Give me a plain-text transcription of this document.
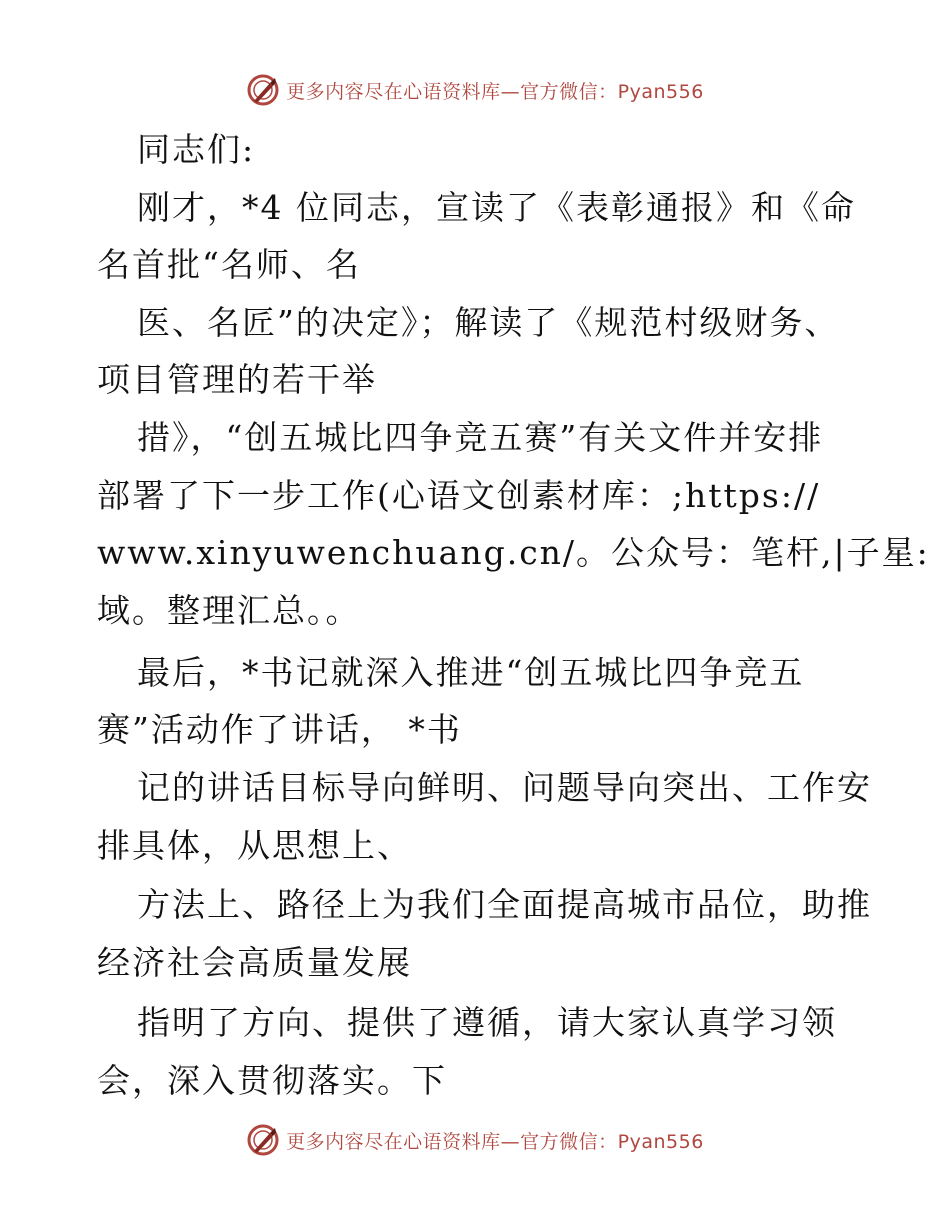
更多内容尽在心语资料库—官方微信：Pyan556
同志们:
刚才，*4 位同志，宣读了《表彰通报》和《命
名首批“名师、名
医、名匠”的决定》；解读了《规范村级财务、
项目管理的若干举
措》，“创五城比四争竞五赛”有关文件并安排
部署了下一步工作(心语文创素材库：;https://
www.xinyuwenchuang.cn/。公众号：笔杆,|子星:
域。整理汇总。。
最后，*书记就深入推进“创五城比四争竞五
赛”活动作了讲话， *书
记的讲话目标导向鲜明、问题导向突出、工作安
排具体，从思想上、
方法上、路径上为我们全面提高城市品位，助推
经济社会高质量发展
指明了方向、提供了遵循，请大家认真学习领
会，深入贯彻落实。下
更多内容尽在心语资料库—官方微信：Pyan556
